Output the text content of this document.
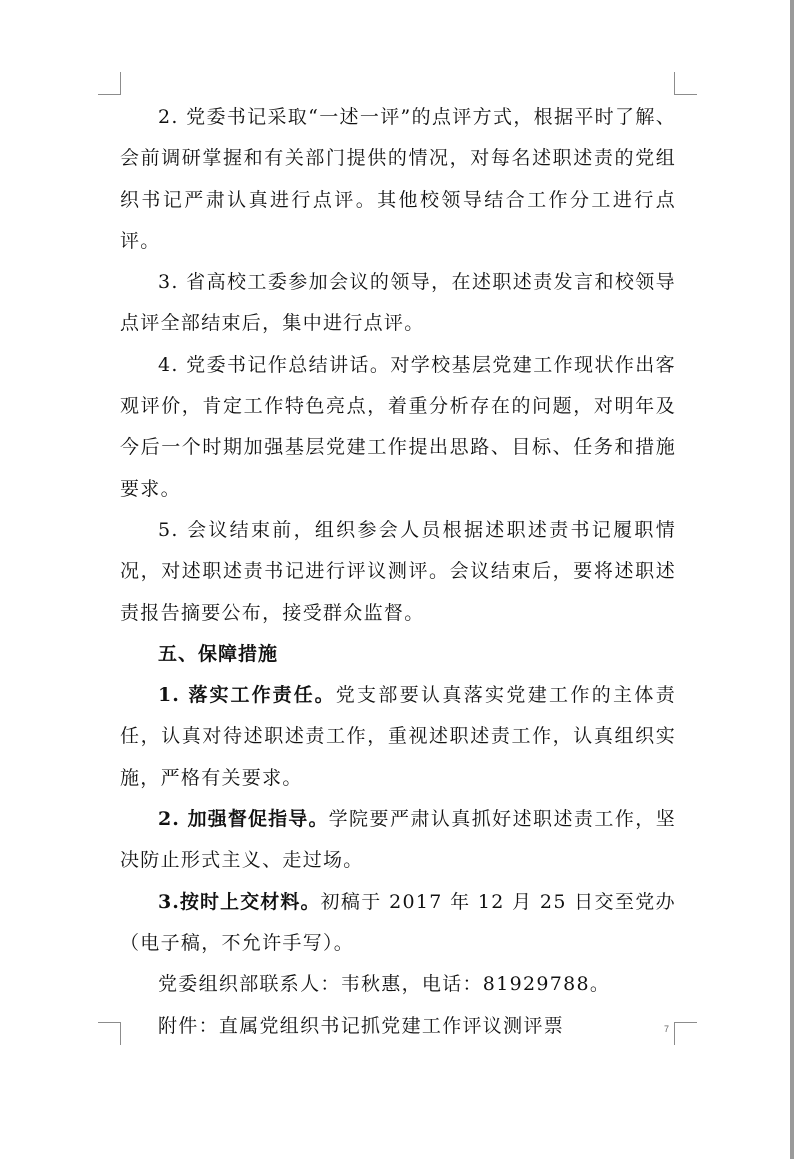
2. 党委书记采取“一述一评”的点评方式，根据平时了解、会前调研掌握和有关部门提供的情况，对每名述职述责的党组织书记严肃认真进行点评。其他校领导结合工作分工进行点评。

3. 省高校工委参加会议的领导，在述职述责发言和校领导点评全部结束后，集中进行点评。

4. 党委书记作总结讲话。对学校基层党建工作现状作出客观评价，肯定工作特色亮点，着重分析存在的问题，对明年及今后一个时期加强基层党建工作提出思路、目标、任务和措施要求。

5. 会议结束前，组织参会人员根据述职述责书记履职情况，对述职述责书记进行评议测评。会议结束后，要将述职述责报告摘要公布，接受群众监督。

五、保障措施

1. 落实工作责任。党支部要认真落实党建工作的主体责任，认真对待述职述责工作，重视述职述责工作，认真组织实施，严格有关要求。

2. 加强督促指导。学院要严肃认真抓好述职述责工作，坚决防止形式主义、走过场。

3.按时上交材料。初稿于 2017 年 12 月 25 日交至党办（电子稿，不允许手写）。

党委组织部联系人：韦秋惠，电话：81929788。

附件：直属党组织书记抓党建工作评议测评票	7
